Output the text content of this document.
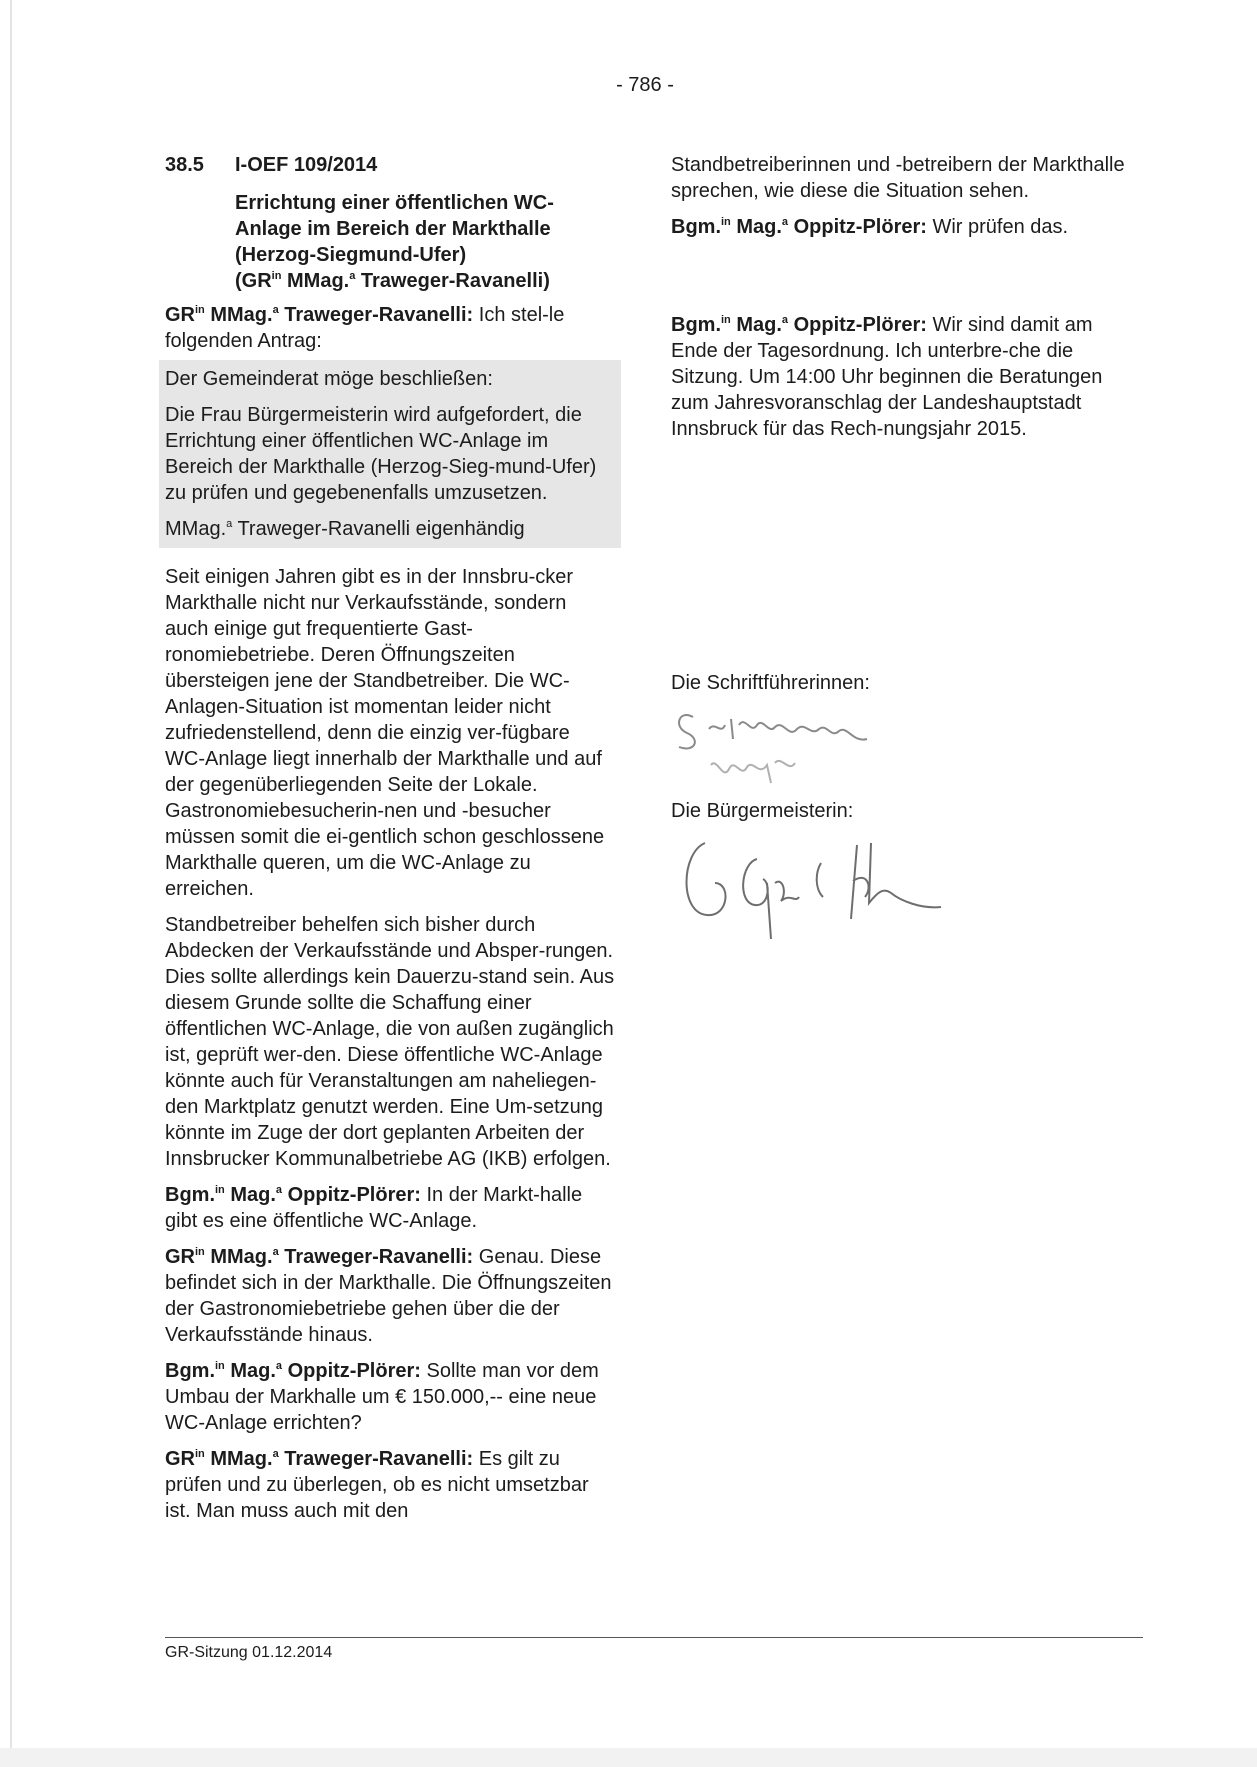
- 786 -
38.5	I-OEF 109/2014
Errichtung einer öffentlichen WC-
Anlage im Bereich der Markthalle
(Herzog-Siegmund-Ufer)
($GR^{in}$ MMag.$^a$ Traweger-Ravanelli)

$GR^{in}$ MMag.$^a$ Traweger-Ravanelli: Ich stel-le folgenden Antrag:

Der Gemeinderat möge beschließen:

Die Frau Bürgermeisterin wird aufgefordert, die Errichtung einer öffentlichen WC-Anlage im Bereich der Markthalle (Herzog-Sieg-mund-Ufer) zu prüfen und gegebenenfalls umzusetzen.

MMag.$^a$ Traweger-Ravanelli eigenhändig

Seit einigen Jahren gibt es in der Innsbru-cker Markthalle nicht nur Verkaufsstände, sondern auch einige gut frequentierte Gast-ronomiebetriebe. Deren Öffnungszeiten übersteigen jene der Standbetreiber. Die WC-Anlagen-Situation ist momentan leider nicht zufriedenstellend, denn die einzig ver-fügbare WC-Anlage liegt innerhalb der Markthalle und auf der gegenüberliegenden Seite der Lokale. Gastronomiebesucherin-nen und -besucher müssen somit die ei-gentlich schon geschlossene Markthalle queren, um die WC-Anlage zu erreichen.

Standbetreiber behelfen sich bisher durch Abdecken der Verkaufsstände und Absper-rungen. Dies sollte allerdings kein Dauerzu-stand sein. Aus diesem Grunde sollte die Schaffung einer öffentlichen WC-Anlage, die von außen zugänglich ist, geprüft wer-den. Diese öffentliche WC-Anlage könnte auch für Veranstaltungen am naheliegen-den Marktplatz genutzt werden. Eine Um-setzung könnte im Zuge der dort geplanten Arbeiten der Innsbrucker Kommunalbetriebe AG (IKB) erfolgen.

Bgm.$^{in}$ Mag.$^a$ Oppitz-Plörer: In der Markt-halle gibt es eine öffentliche WC-Anlage.

$GR^{in}$ MMag.$^a$ Traweger-Ravanelli: Genau. Diese befindet sich in der Markthalle. Die Öffnungszeiten der Gastronomiebetriebe gehen über die der Verkaufsstände hinaus.

Bgm.$^{in}$ Mag.$^a$ Oppitz-Plörer: Sollte man vor dem Umbau der Markhalle um € 150.000,-- eine neue WC-Anlage errichten?

$GR^{in}$ MMag.$^a$ Traweger-Ravanelli: Es gilt zu prüfen und zu überlegen, ob es nicht umsetzbar ist. Man muss auch mit den

Standbetreiberinnen und -betreibern der Markthalle sprechen, wie diese die Situation sehen.

Bgm.$^{in}$ Mag.$^a$ Oppitz-Plörer: Wir prüfen das.

Bgm.$^{in}$ Mag.$^a$ Oppitz-Plörer: Wir sind damit am Ende der Tagesordnung. Ich unterbre-che die Sitzung. Um 14:00 Uhr beginnen die Beratungen zum Jahresvoranschlag der Landeshauptstadt Innsbruck für das Rech-nungsjahr 2015.

Die Schriftführerinnen:
Die Bürgermeisterin:
GR-Sitzung 01.12.2014
